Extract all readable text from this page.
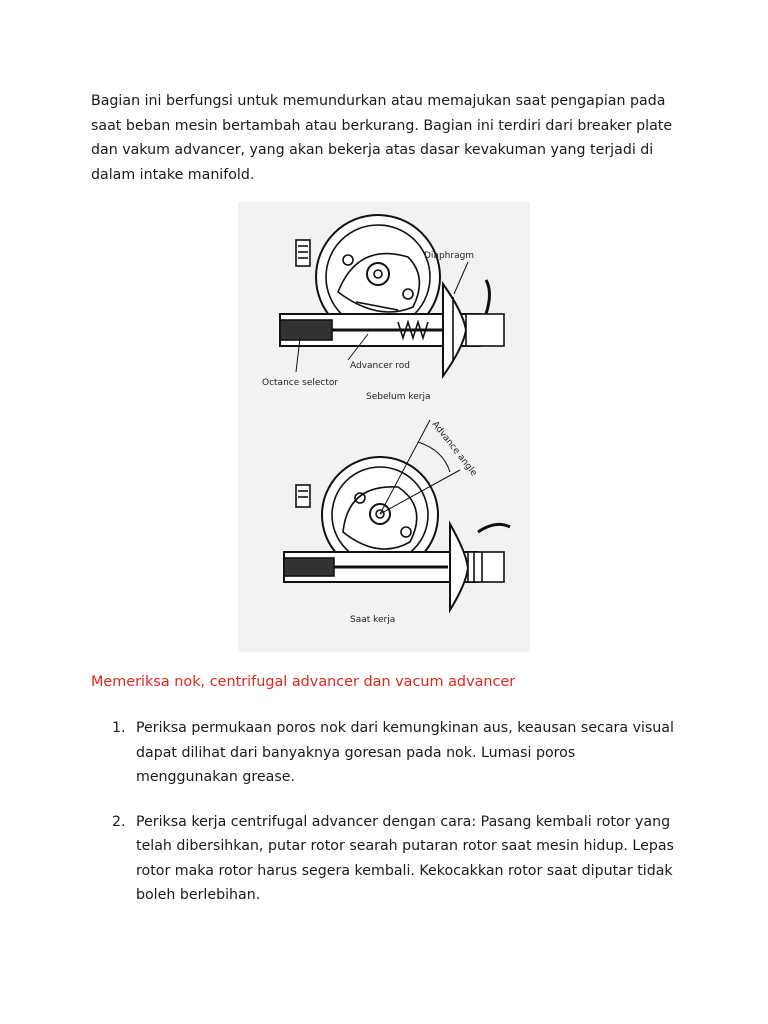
Bagian ini berfungsi untuk memundurkan atau memajukan saat pengapian pada saat beban mesin bertambah atau berkurang. Bagian ini terdiri dari breaker plate dan vakum advancer, yang akan bekerja atas dasar kevakuman yang terjadi di dalam intake manifold.

Diaphragm
Advancer rod
Octance selector
Sebelum kerja
Advance angle
Saat kerja
Memeriksa nok, centrifugal advancer dan vacum advancer
1. Periksa permukaan poros nok dari kemungkinan aus, keausan secara visual dapat dilihat dari banyaknya goresan pada nok. Lumasi poros menggunakan grease.
2. Periksa kerja centrifugal advancer dengan cara: Pasang kembali rotor yang telah dibersihkan, putar rotor searah putaran rotor saat mesin hidup. Lepas rotor maka rotor harus segera kembali. Kekocakkan rotor saat diputar tidak boleh berlebihan.
